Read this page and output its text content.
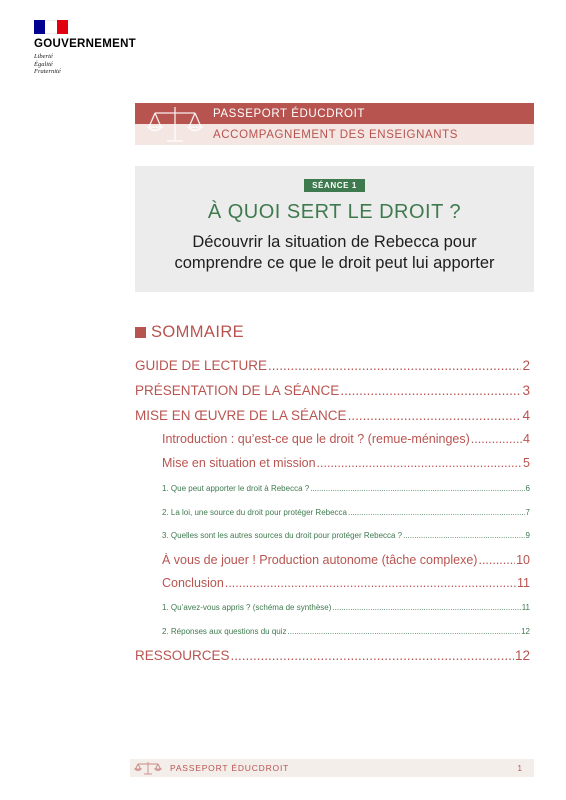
GOUVERNEMENT
Liberté
Égalité
Fraternité
PASSEPORT ÉDUCDROIT
ACCOMPAGNEMENT DES ENSEIGNANTS
SÉANCE 1
À QUOI SERT LE DROIT ?
Découvrir la situation de Rebecca pour
comprendre ce que le droit peut lui apporter
SOMMAIRE
GUIDE DE LECTURE .....	2
PRÉSENTATION DE LA SÉANCE .....	3
MISE EN ŒUVRE DE LA SÉANCE .....	4
Introduction : qu’est-ce que le droit ? (remue-méninges) .....	4
Mise en situation et mission .....	5
1. Que peut apporter le droit à Rebecca ? .....	6
2. La loi, une source du droit pour protéger Rebecca .....	7
3. Quelles sont les autres sources du droit pour protéger Rebecca ? .....	9
À vous de jouer ! Production autonome (tâche complexe) .....	10
Conclusion .....	11
1. Qu’avez-vous appris ? (schéma de synthèse) .....	11
2. Réponses aux questions du quiz .....	12
RESSOURCES .....	12
PASSEPORT ÉDUCDROIT	1
